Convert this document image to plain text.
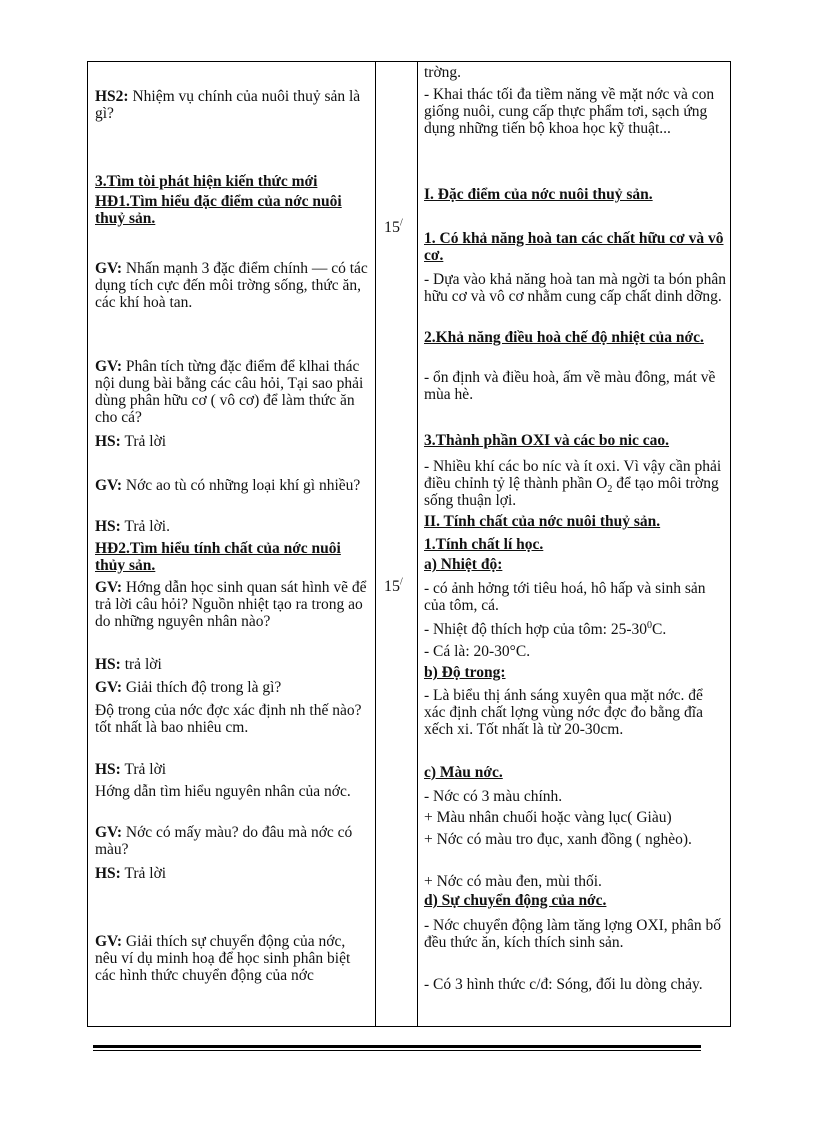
HS2: Nhiệm vụ chính của nuôi thuỷ sản là gì?
3.Tìm tòi phát hiện kiến thức mới
HĐ1.Tìm hiểu đặc điểm của nớc nuôi thuỷ sản.
GV: Nhấn mạnh 3 đặc điểm chính — có tác dụng tích cực đến môi trờng sống, thức ăn, các khí hoà tan.
GV: Phân tích từng đặc điểm để klhai thác nội dung bài bằng các câu hỏi, Tại sao phải dùng phân hữu cơ ( vô cơ) để làm thức ăn cho cá?
HS: Trả lời
GV: Nớc ao tù có những loại khí gì nhiều?
HS: Trả lời.
HĐ2.Tìm hiểu tính chất của nớc nuôi thủy sản.
GV: Hớng dẫn học sinh quan sát hình vẽ để trả lời câu hỏi? Nguồn nhiệt tạo ra trong ao do những nguyên nhân nào?
HS: trả lời
GV: Giải thích độ trong là gì?
Độ trong của nớc đợc xác định nh thế nào? tốt nhất là bao nhiêu cm.
HS: Trả lời
Hớng dẫn tìm hiểu nguyên nhân của nớc.
GV: Nớc có mấy màu? do đâu mà nớc có màu?
HS: Trả lời
GV: Giải thích sự chuyển động của nớc, nêu ví dụ minh hoạ để học sinh phân biệt các hình thức chuyển động của nớc
15/
15/
trờng.
- Khai thác tối đa tiềm năng về mặt nớc và con giống nuôi, cung cấp thực phẩm tơi, sạch ứng dụng những tiến bộ khoa học kỹ thuật...
I. Đặc điểm của nớc nuôi thuỷ sản.
1. Có khả năng hoà tan các chất hữu cơ và vô cơ.
- Dựa vào khả năng hoà tan mà ngời ta bón phân hữu cơ và vô cơ nhằm cung cấp chất dinh dỡng.
2.Khả năng điều hoà chế độ nhiệt của nớc.
- ổn định và điều hoà, ấm về màu đông, mát về mùa hè.
3.Thành phần OXI và các bo nic cao.
- Nhiều khí các bo níc và ít oxi. Vì vậy cần phải điều chỉnh tỷ lệ thành phần $O_2$ để tạo môi trờng sống thuận lợi.
II. Tính chất của nớc nuôi thuỷ sản.
1.Tính chất lí học.
a) Nhiệt độ:
- có ảnh hởng tới tiêu hoá, hô hấp và sinh sản của tôm, cá.
- Nhiệt độ thích hợp của tôm: $25-30^0C$.
- Cá là: 20-30°C.
b) Độ trong:
- Là biểu thị ánh sáng xuyên qua mặt nớc. để xác định chất lợng vùng nớc đợc đo bằng đĩa xếch xi. Tốt nhất là từ 20-30cm.
c) Màu nớc.
- Nớc có 3 màu chính.
+ Màu nhân chuối hoặc vàng lục( Giàu)
+ Nớc có màu tro đục, xanh đồng ( nghèo).
+ Nớc có màu đen, mùi thối.
d) Sự chuyển động của nớc.
- Nớc chuyển động làm tăng lợng OXI, phân bố đều thức ăn, kích thích sinh sản.
- Có 3 hình thức c/đ: Sóng, đối lu dòng chảy.
